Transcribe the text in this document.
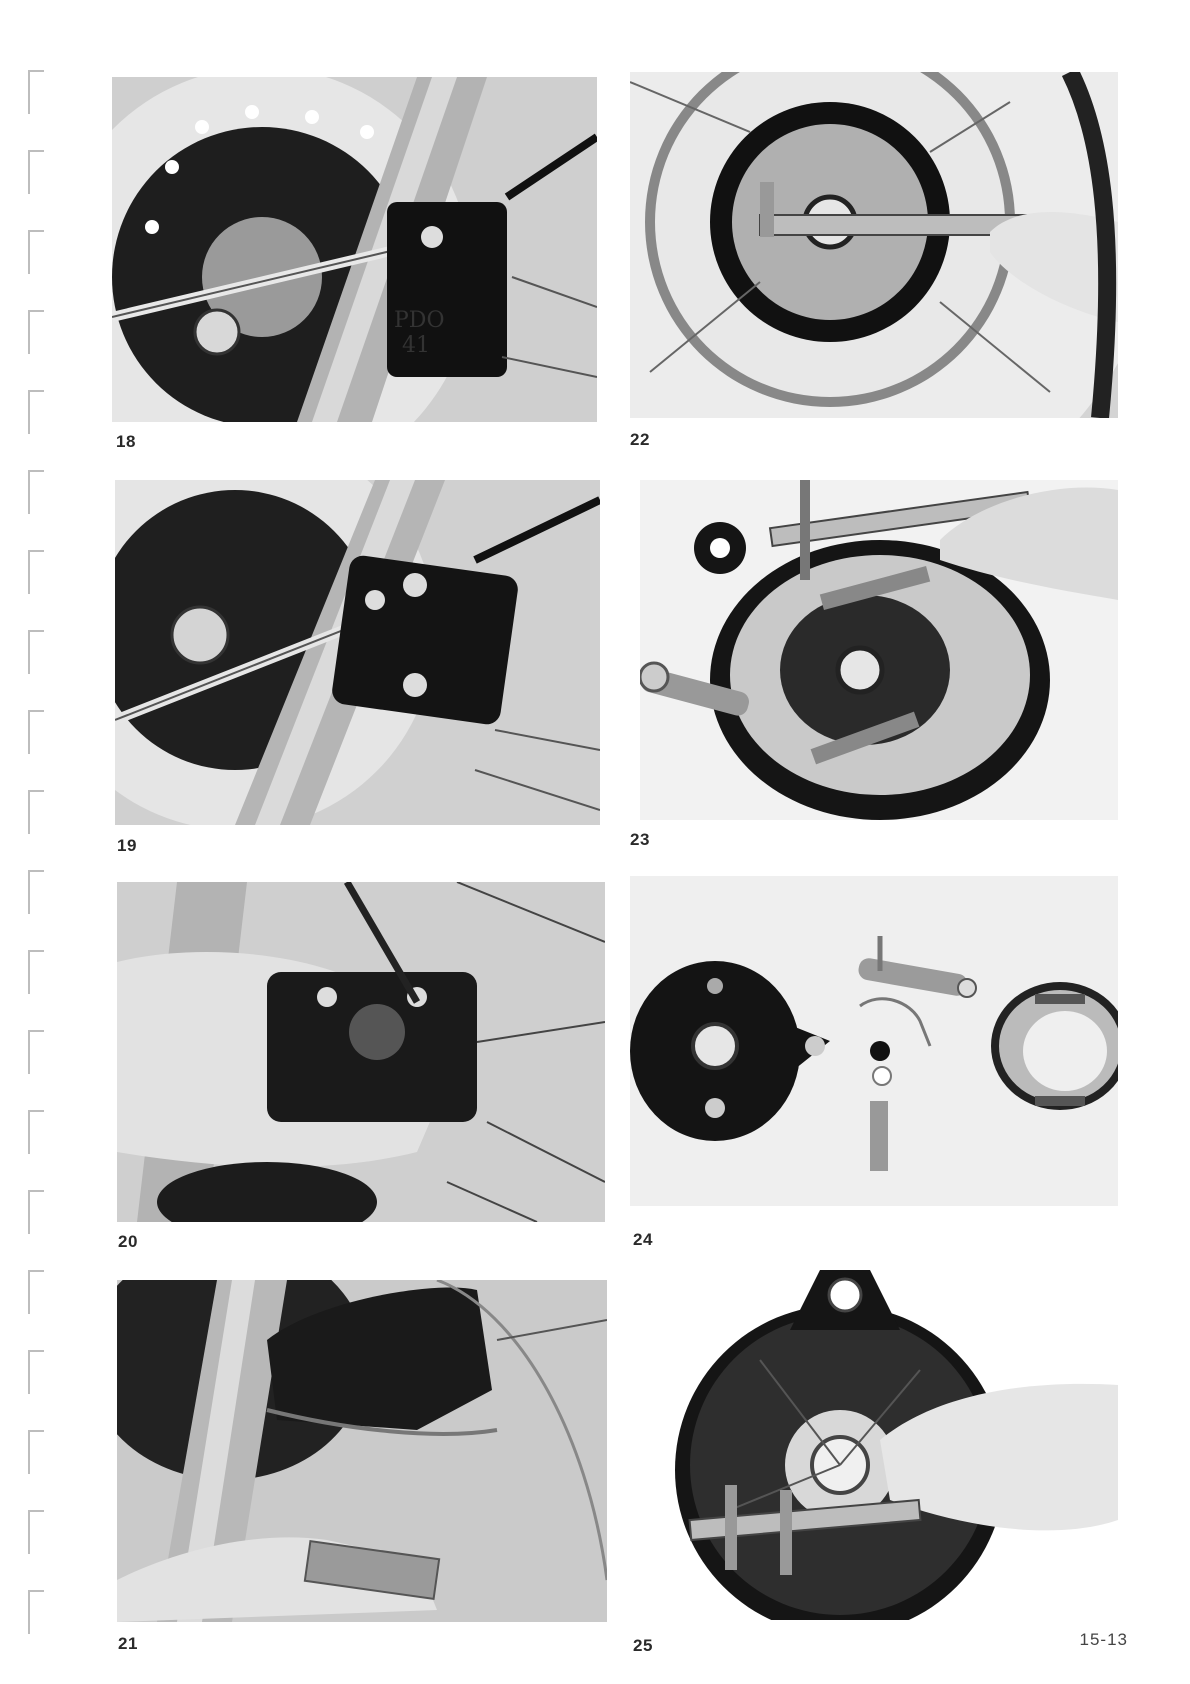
PDO
41
18
19
20
21
22
23
24
25	15-13
